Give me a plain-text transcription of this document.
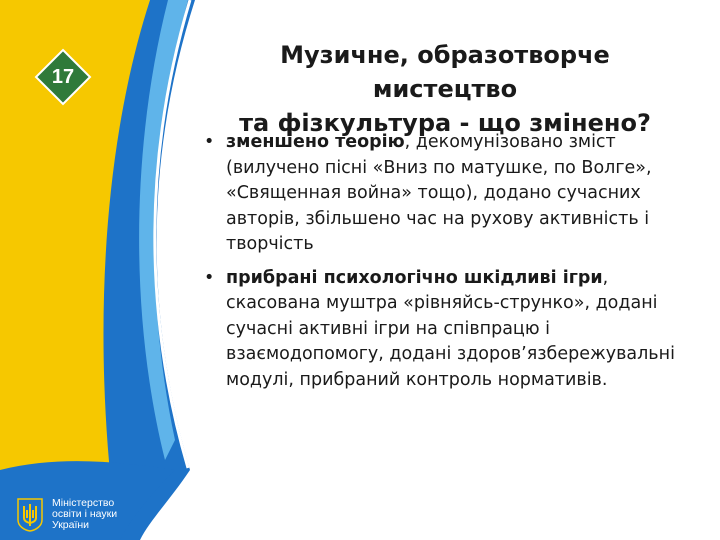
17
Музичне, образотворче мистецтво
та фізкультура - що змінено?
• зменшено теорію, декомунізовано зміст (вилучено пісні «Вниз по матушке, по Волге», «Священная война» тощо), додано сучасних авторів, збільшено час на рухову активність і творчість
• прибрані психологічно шкідливі ігри, скасована муштра «рівняйсь-струнко», додані сучасні активні ігри на співпрацю і взаємодопомогу, додані здоров’язбережувальні модулі, прибраний контроль нормативів.
Міністерство
освіти і науки
України
